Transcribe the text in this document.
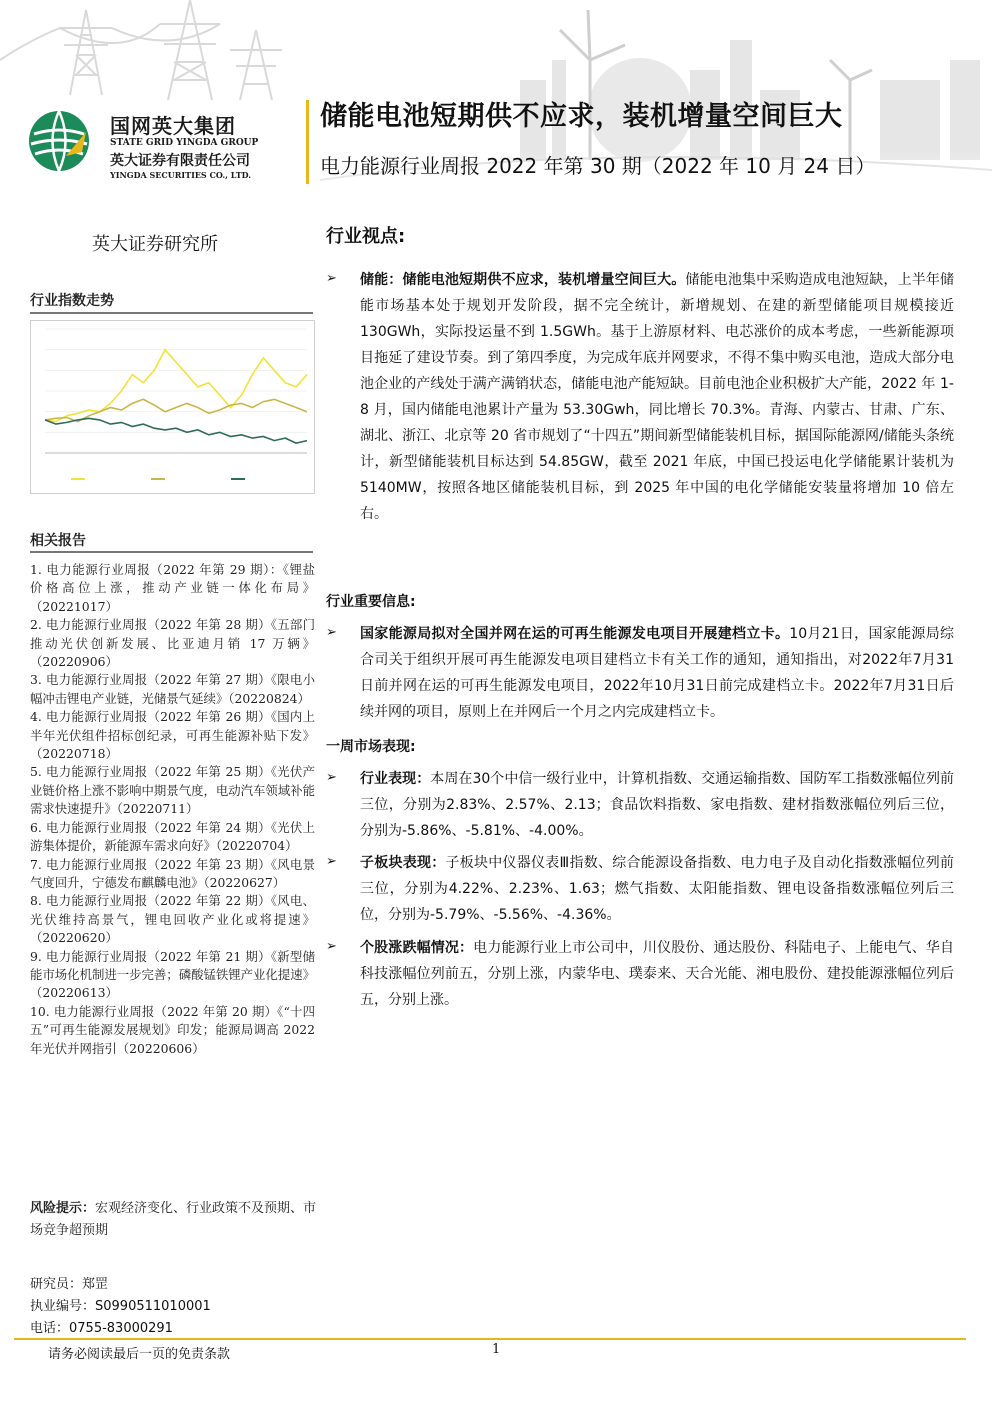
国网英大集团
STATE GRID YINGDA GROUP
英大证券有限责任公司
YINGDA SECURITIES CO., LTD.
储能电池短期供不应求，装机增量空间巨大
电力能源行业周报 2022 年第 30 期（2022 年 10 月 24 日）
英大证券研究所
行业指数走势
相关报告
1. 电力能源行业周报（2022 年第 29 期）：《锂盐价格高位上涨，推动产业链一体化布局》（20221017）
2. 电力能源行业周报（2022 年第 28 期）《五部门推动光伏创新发展、比亚迪月销 17 万辆》（20220906）
3. 电力能源行业周报（2022 年第 27 期）《限电小幅冲击锂电产业链，光储景气延续》（20220824）
4. 电力能源行业周报（2022 年第 26 期）《国内上半年光伏组件招标创纪录，可再生能源补贴下发》（20220718）
5. 电力能源行业周报（2022 年第 25 期）《光伏产业链价格上涨不影响中期景气度，电动汽车领域补能需求快速提升》（20220711）
6. 电力能源行业周报（2022 年第 24 期）《光伏上游集体提价，新能源车需求向好》（20220704）
7. 电力能源行业周报（2022 年第 23 期）《风电景气度回升，宁德发布麒麟电池》（20220627）
8. 电力能源行业周报（2022 年第 22 期）《风电、光伏维持高景气，锂电回收产业化或将提速》（20220620）
9. 电力能源行业周报（2022 年第 21 期）《新型储能市场化机制进一步完善；磷酸锰铁锂产业化提速》（20220613）
10. 电力能源行业周报（2022 年第 20 期）《“十四五”可再生能源发展规划》印发；能源局调高 2022 年光伏并网指引（20220606）
风险提示：宏观经济变化、行业政策不及预期、市场竞争超预期
研究员：郑罡
执业编号：S0990511010001
电话：0755-83000291
行业视点:
➢ 储能：储能电池短期供不应求，装机增量空间巨大。储能电池集中采购造成电池短缺，上半年储能市场基本处于规划开发阶段，据不完全统计，新增规划、在建的新型储能项目规模接近 130GWh，实际投运量不到 1.5GWh。基于上游原材料、电芯涨价的成本考虑，一些新能源项目拖延了建设节奏。到了第四季度，为完成年底并网要求，不得不集中购买电池，造成大部分电池企业的产线处于满产满销状态，储能电池产能短缺。目前电池企业积极扩大产能，2022 年 1-8 月，国内储能电池累计产量为 53.30Gwh，同比增长 70.3%。青海、内蒙古、甘肃、广东、湖北、浙江、北京等 20 省市规划了“十四五”期间新型储能装机目标，据国际能源网/储能头条统计，新型储能装机目标达到 54.85GW，截至 2021 年底，中国已投运电化学储能累计装机为 5140MW，按照各地区储能装机目标，到 2025 年中国的电化学储能安装量将增加 10 倍左右。
行业重要信息:
➢ 国家能源局拟对全国并网在运的可再生能源发电项目开展建档立卡。10月21日，国家能源局综合司关于组织开展可再生能源发电项目建档立卡有关工作的通知，通知指出，对2022年7月31日前并网在运的可再生能源发电项目，2022年10月31日前完成建档立卡。2022年7月31日后续并网的项目，原则上在并网后一个月之内完成建档立卡。
一周市场表现:
➢ 行业表现：本周在30个中信一级行业中，计算机指数、交通运输指数、国防军工指数涨幅位列前三位，分别为2.83%、2.57%、2.13；食品饮料指数、家电指数、建材指数涨幅位列后三位，分别为-5.86%、-5.81%、-4.00%。
➢ 子板块表现：子板块中仪器仪表Ⅲ指数、综合能源设备指数、电力电子及自动化指数涨幅位列前三位，分别为4.22%、2.23%、1.63；燃气指数、太阳能指数、锂电设备指数涨幅位列后三位，分别为-5.79%、-5.56%、-4.36%。
➢ 个股涨跌幅情况：电力能源行业上市公司中，川仪股份、通达股份、科陆电子、上能电气、华自科技涨幅位列前五，分别上涨，内蒙华电、璞泰来、天合光能、湘电股份、建投能源涨幅位列后五，分别上涨。
请务必阅读最后一页的免责条款	1
